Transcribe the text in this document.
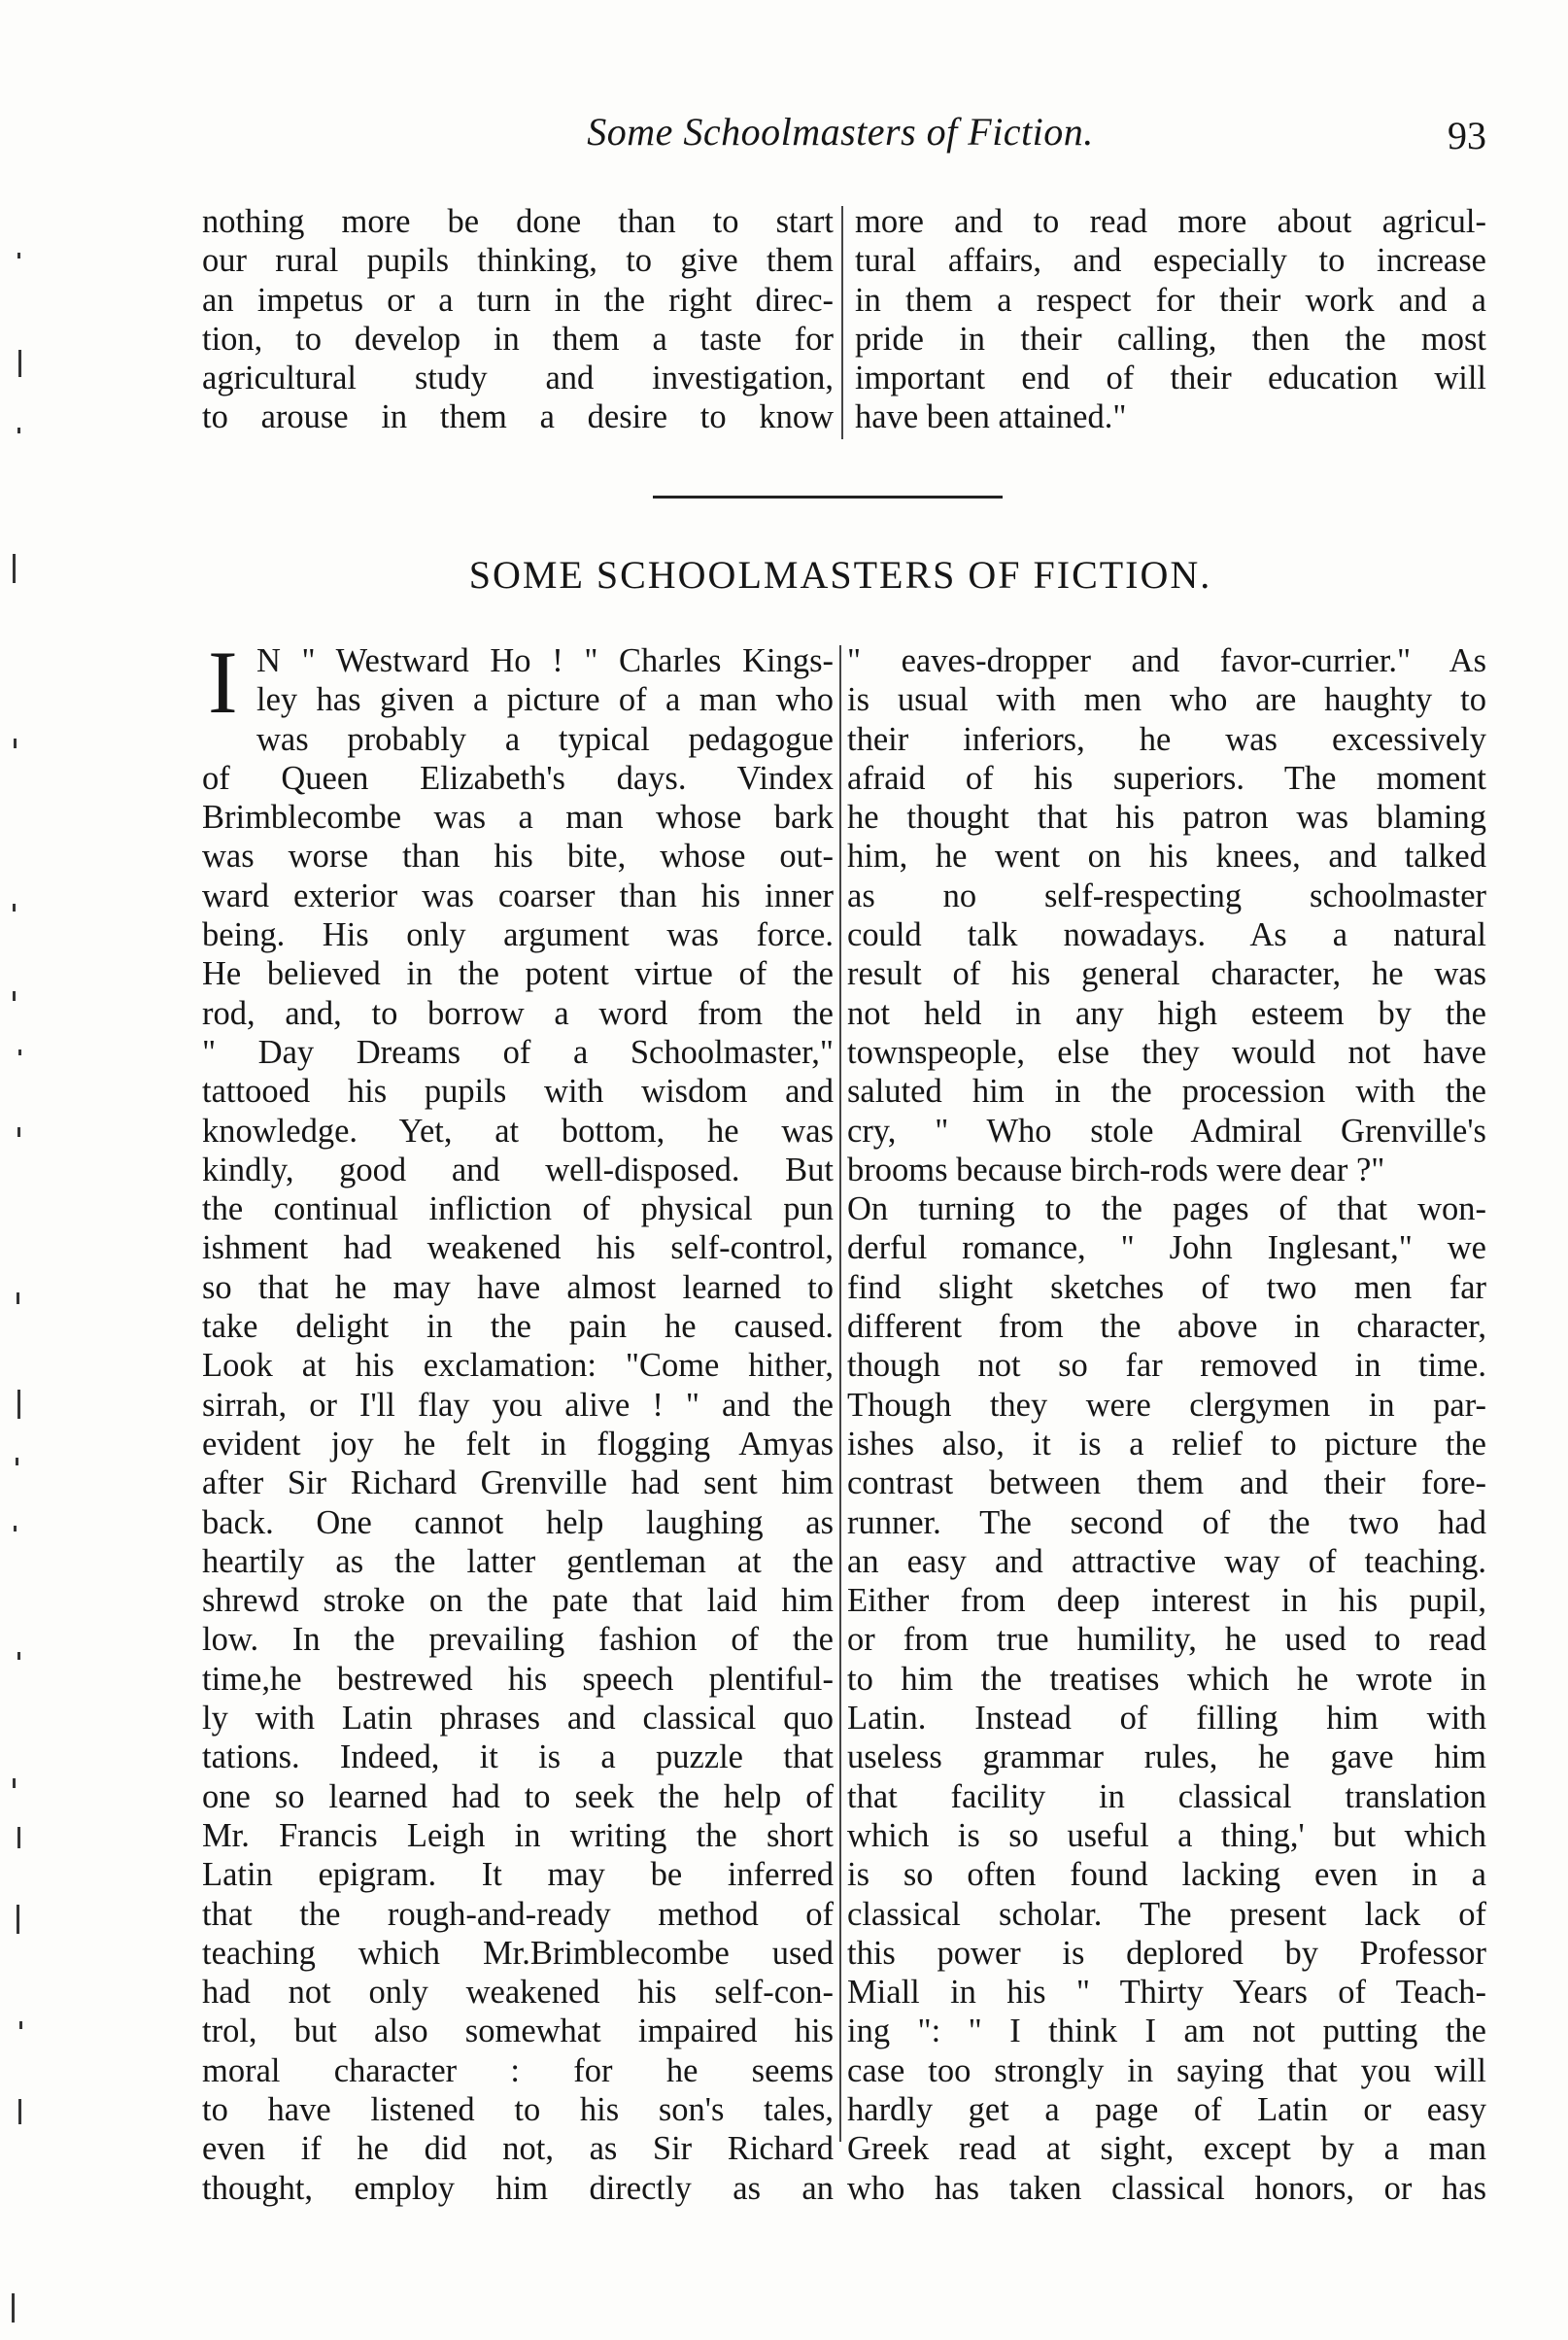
Some Schoolmasters of Fiction.	93
nothing more be done than to start
our rural pupils thinking, to give them
an impetus or a turn in the right direc-
tion, to develop in them a taste for
agricultural study and investigation,
to arouse in them a desire to know
more and to read more about agricul-
tural affairs, and especially to increase
in them a respect for their work and a
pride in their calling, then the most
important end of their education will
have been attained."
SOME SCHOOLMASTERS OF FICTION.
I N " Westward Ho ! " Charles Kings-
ley has given a picture of a man who
was probably a typical pedagogue
of Queen Elizabeth's days. Vindex
Brimblecombe was a man whose bark
was worse than his bite, whose out-
ward exterior was coarser than his inner
being. His only argument was force.
He believed in the potent virtue of the
rod, and, to borrow a word from the
" Day Dreams of a Schoolmaster,"
tattooed his pupils with wisdom and
knowledge. Yet, at bottom, he was
kindly, good and well-disposed. But
the continual infliction of physical pun
ishment had weakened his self-control,
so that he may have almost learned to
take delight in the pain he caused.
Look at his exclamation: "Come hither,
sirrah, or I'll flay you alive ! " and the
evident joy he felt in flogging Amyas
after Sir Richard Grenville had sent him
back. One cannot help laughing as
heartily as the latter gentleman at the
shrewd stroke on the pate that laid him
low. In the prevailing fashion of the
time,he bestrewed his speech plentiful-
ly with Latin phrases and classical quo
tations. Indeed, it is a puzzle that
one so learned had to seek the help of
Mr. Francis Leigh in writing the short
Latin epigram. It may be inferred
that the rough-and-ready method of
teaching which Mr.Brimblecombe used
had not only weakened his self-con-
trol, but also somewhat impaired his
moral character : for he seems
to have listened to his son's tales,
even if he did not, as Sir Richard
thought, employ him directly as an
" eaves-dropper and favor-currier." As
is usual with men who are haughty to
their inferiors, he was excessively
afraid of his superiors. The moment
he thought that his patron was blaming
him, he went on his knees, and talked
as no self-respecting schoolmaster
could talk nowadays. As a natural
result of his general character, he was
not held in any high esteem by the
townspeople, else they would not have
saluted him in the procession with the
cry, " Who stole Admiral Grenville's
brooms because birch-rods were dear ?"
On turning to the pages of that won-
derful romance, " John Inglesant," we
find slight sketches of two men far
different from the above in character,
though not so far removed in time.
Though they were clergymen in par-
ishes also, it is a relief to picture the
contrast between them and their fore-
runner. The second of the two had
an easy and attractive way of teaching.
Either from deep interest in his pupil,
or from true humility, he used to read
to him the treatises which he wrote in
Latin. Instead of filling him with
useless grammar rules, he gave him
that facility in classical translation
which is so useful a thing,' but which
is so often found lacking even in a
classical scholar. The present lack of
this power is deplored by Professor
Miall in his " Thirty Years of Teach-
ing ": " I think I am not putting the
case too strongly in saying that you will
hardly get a page of Latin or easy
Greek read at sight, except by a man
who has taken classical honors, or has
